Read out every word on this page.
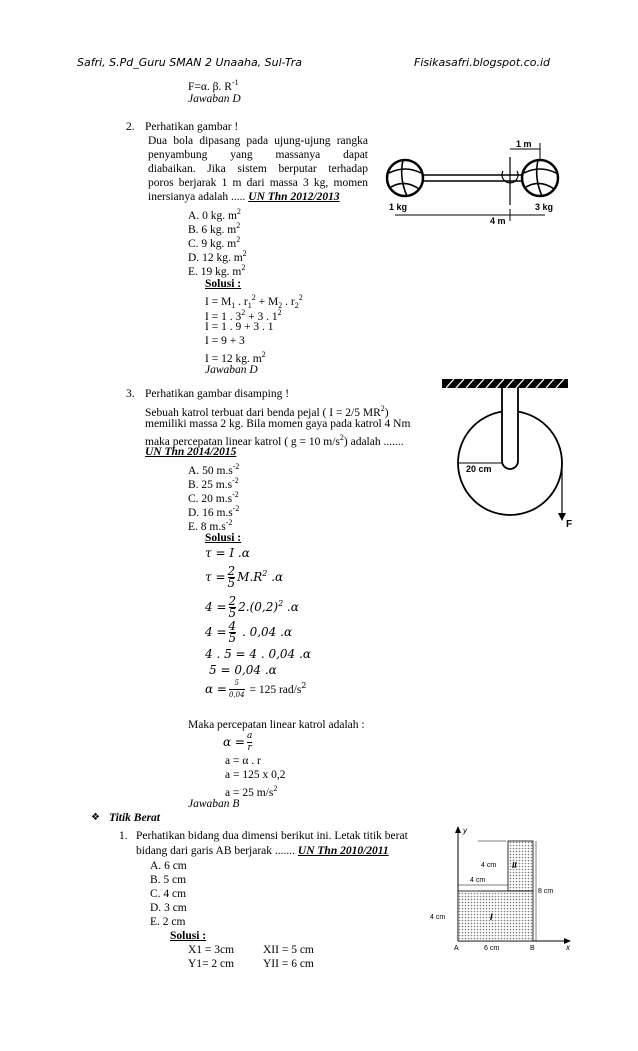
Safri, S.Pd_Guru SMAN 2 Unaaha, Sul-Tra	Fisikasafri.blogspot.co.id
F=α. β. $R^{-1}$
Jawaban D
2. Perhatikan gambar !
Dua bola dipasang pada ujung-ujung rangka
penyambung yang massanya dapat
diabaikan. Jika sistem berputar terhadap
poros berjarak 1 m dari massa 3 kg, momen
inersianya adalah ..... UN Thn 2012/2013
A. 0 kg. $m^2$
B. 6 kg. $m^2$
C. 9 kg. $m^2$
D. 12 kg. $m^2$
E. 19 kg. $m^2$
Solusi :
$I = M_1$ . $r_1^2 + M_2$ . $r_2^2$
I = 1 . $3^2 + 3$ . $1^2$
I = 1 . 9 + 3 . 1
I = 9 + 3
I = 12 kg. $m^2$
Jawaban D
1 m
4 m
1 kg	3 kg
3. Perhatikan gambar disamping !
Sebuah katrol terbuat dari benda pejal ( I = 2/5 $MR^2$)
memiliki massa 2 kg. Bila momen gaya pada katrol 4 Nm
maka percepatan linear katrol ( g = 10 $m/s^2$) adalah .......
UN Thn 2014/2015
A. 50 $m.s^{-2}$
B. 25 $m.s^{-2}$
C. 20 $m.s^{-2}$
D. 16 $m.s^{-2}$
E. 8 $m.s^{-2}$
Solusi :
τ = I .α
$\tau = \frac{2}{5} M.R^2$ .α
$4 = \frac{2}{5} 2.(0,2)^2$ .α
$4 = \frac{4}{5}$ . 0,04 .α
4 . 5 = 4 . 0,04 .α
5 = 0,04 .α
$\alpha = \frac{5}{0,04} = 125$ rad/$s^2$
Maka percepatan linear katrol adalah :
$\alpha = \frac{a}{r}$
a = α . r
a = 125 x 0,2
a = 25 $m/s^2$
Jawaban B
20 cm
F
❖ Titik Berat
1. Perhatikan bidang dua dimensi berikut ini. Letak titik berat
bidang dari garis AB berjarak ....... UN Thn 2010/2011
A. 6 cm
B. 5 cm
C. 4 cm
D. 3 cm
E. 2 cm
Solusi :
X1 = 3cm	XII = 5 cm
Y1= 2 cm	YII = 6 cm
y
x
II
I
4 cm
4 cm
8 cm
4 cm
6 cm
A	B
